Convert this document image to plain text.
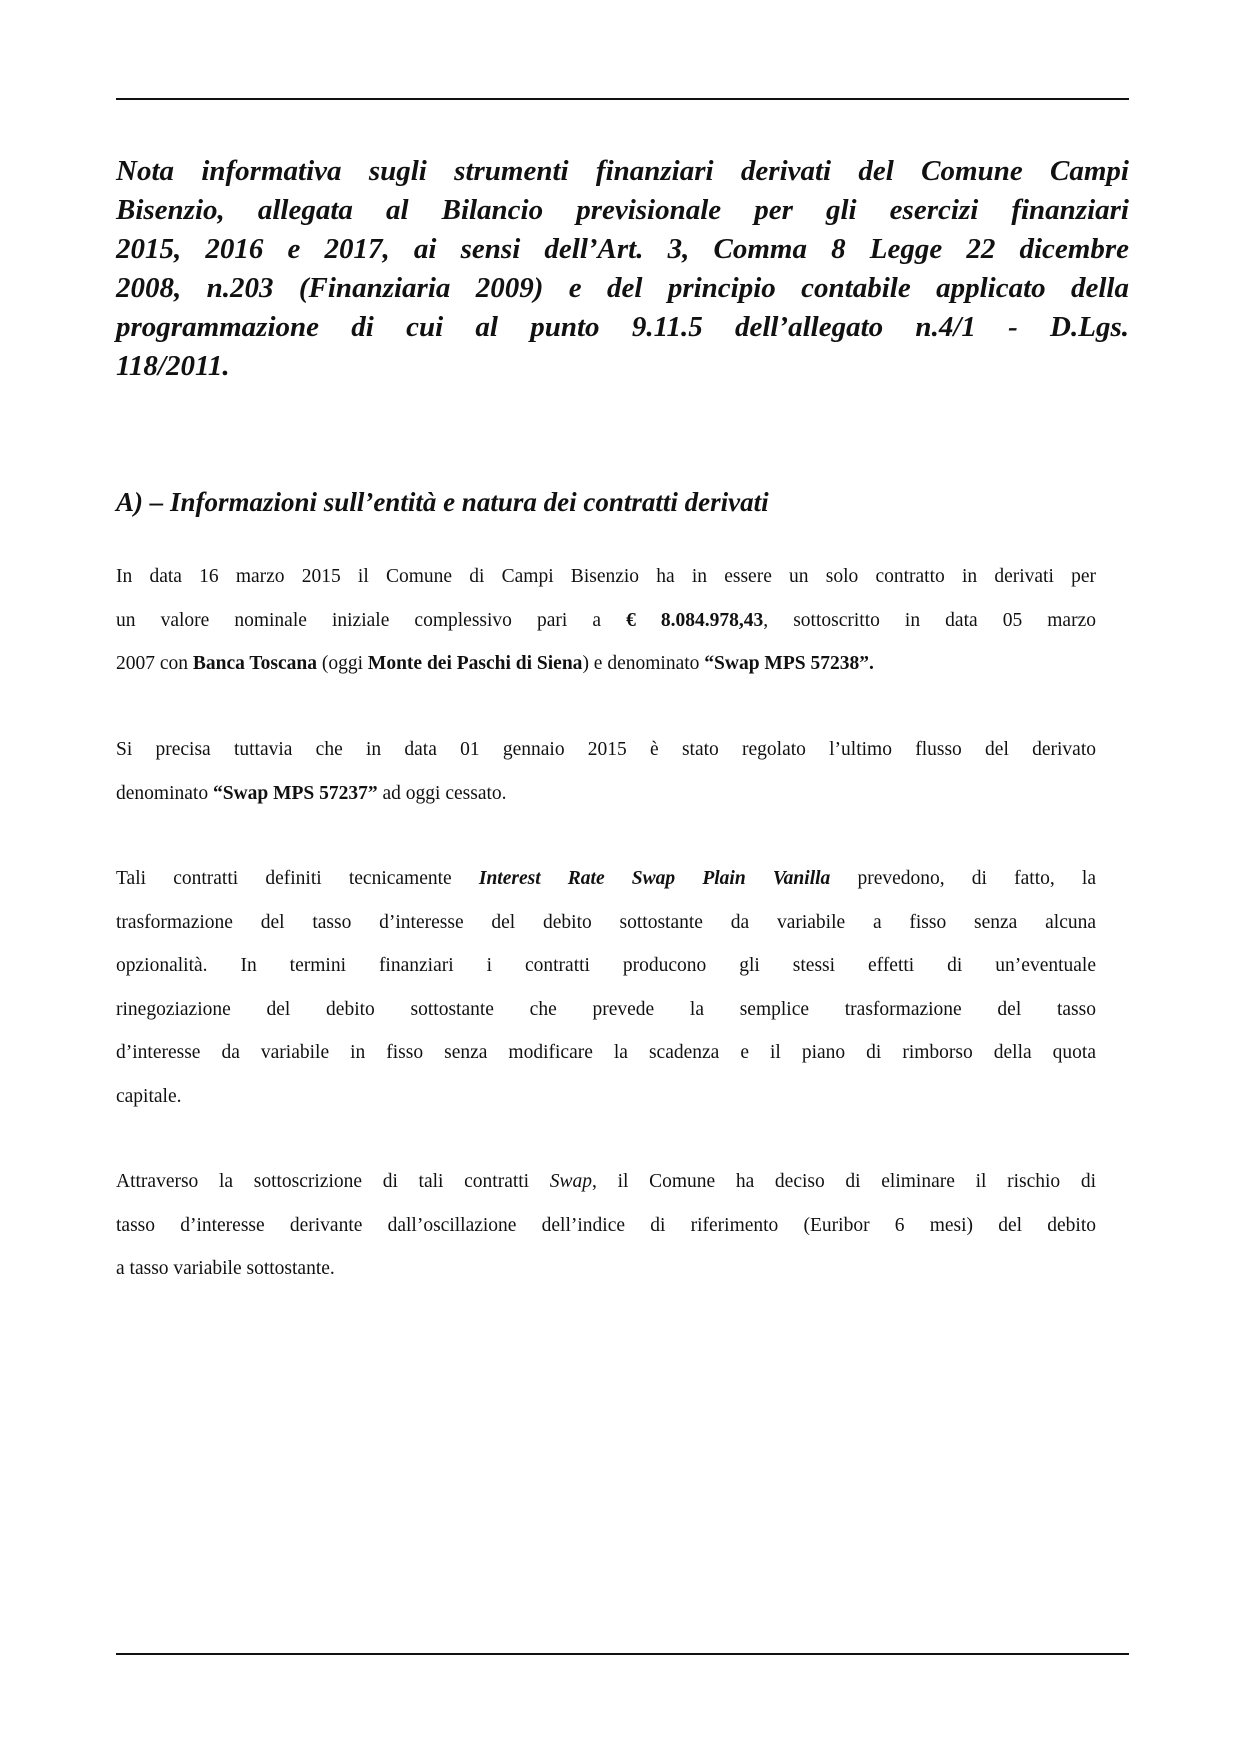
Nota informativa sugli strumenti finanziari derivati del Comune Campi
Bisenzio, allegata al Bilancio previsionale per gli esercizi finanziari
2015, 2016 e 2017, ai sensi dell’Art. 3, Comma 8 Legge 22 dicembre
2008, n.203 (Finanziaria 2009) e del principio contabile applicato della
programmazione di cui al punto 9.11.5 dell’allegato n.4/1 - D.Lgs.
118/2011.
A) – Informazioni sull’entità e natura dei contratti derivati
In data 16 marzo 2015 il Comune di Campi Bisenzio ha in essere un solo contratto in derivati per
un valore nominale iniziale complessivo pari a € 8.084.978,43, sottoscritto in data 05 marzo
2007 con Banca Toscana (oggi Monte dei Paschi di Siena) e denominato “Swap MPS 57238”.
Si precisa tuttavia che in data 01 gennaio 2015 è stato regolato l’ultimo flusso del derivato
denominato “Swap MPS 57237” ad oggi cessato.
Tali contratti definiti tecnicamente Interest Rate Swap Plain Vanilla prevedono, di fatto, la
trasformazione del tasso d’interesse del debito sottostante da variabile a fisso senza alcuna
opzionalità. In termini finanziari i contratti producono gli stessi effetti di un’eventuale
rinegoziazione del debito sottostante che prevede la semplice trasformazione del tasso
d’interesse da variabile in fisso senza modificare la scadenza e il piano di rimborso della quota
capitale.
Attraverso la sottoscrizione di tali contratti Swap, il Comune ha deciso di eliminare il rischio di
tasso d’interesse derivante dall’oscillazione dell’indice di riferimento (Euribor 6 mesi) del debito
a tasso variabile sottostante.
